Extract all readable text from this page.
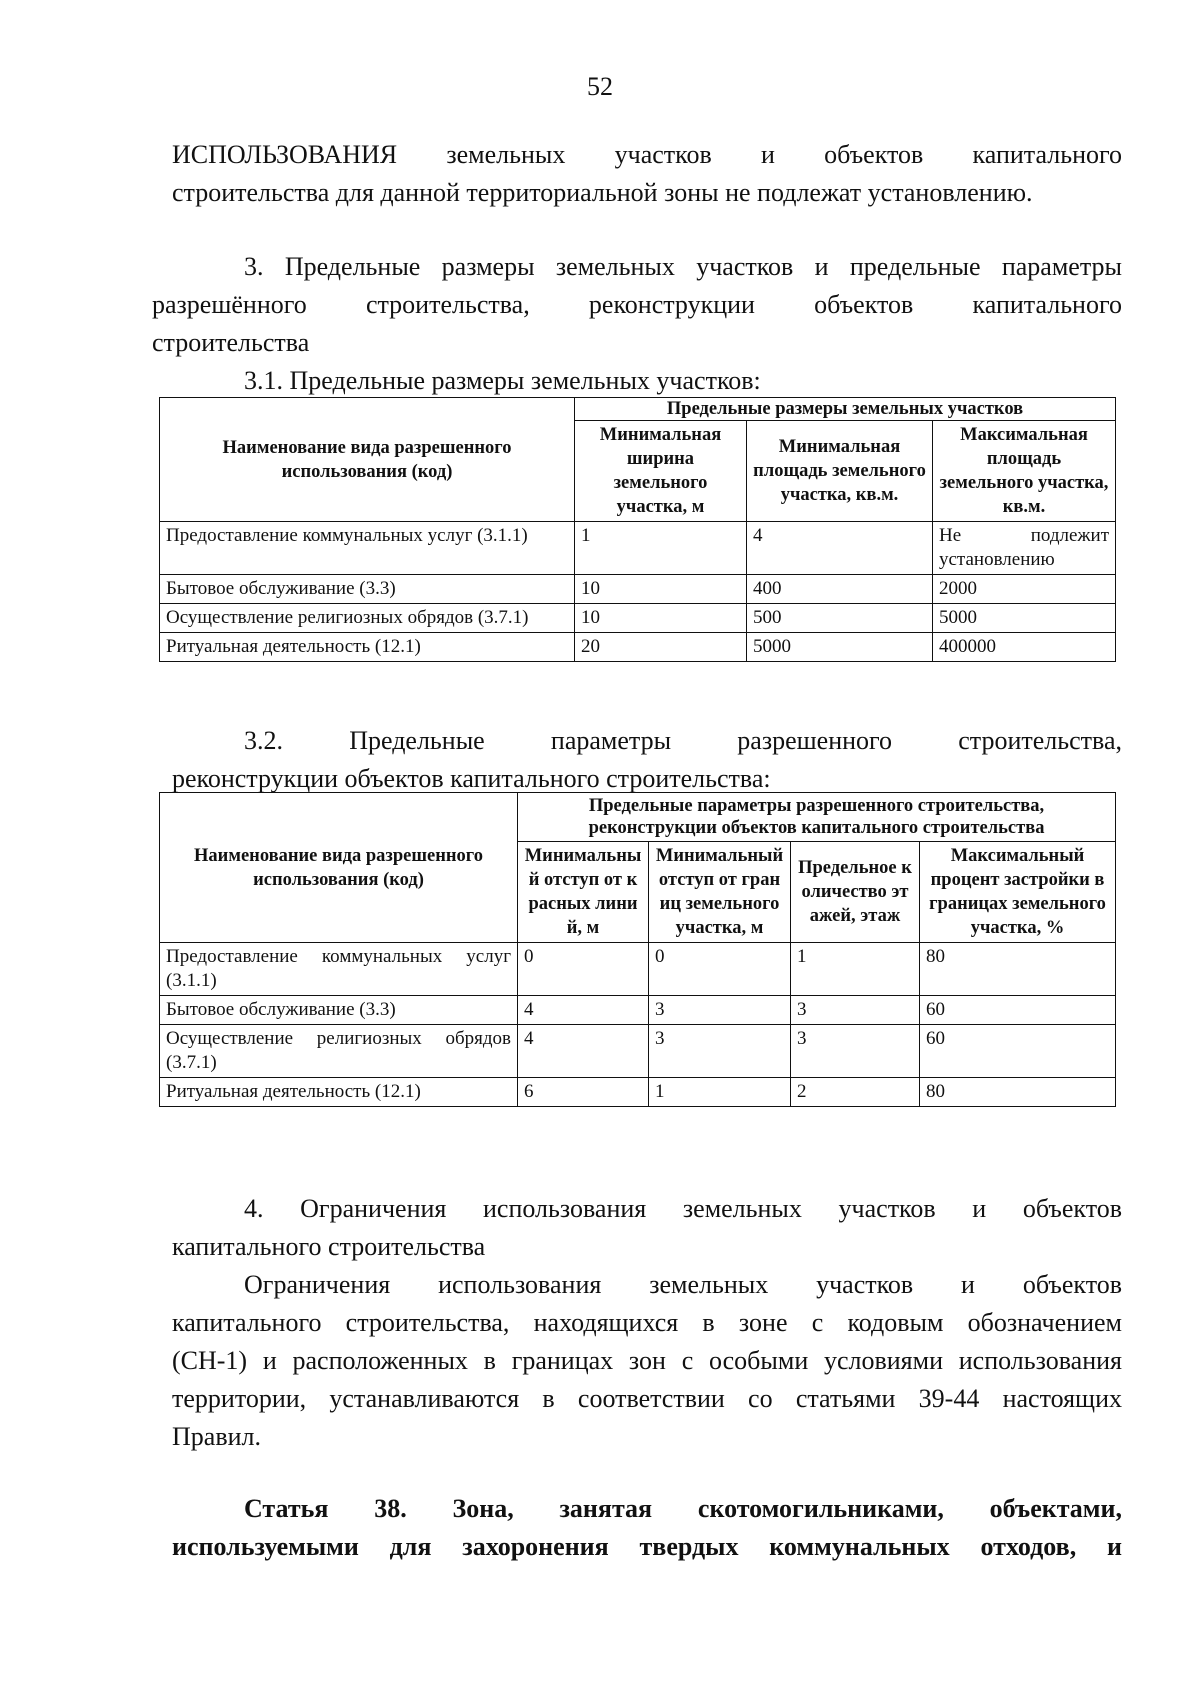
52
ИСПОЛЬЗОВАНИЯ земельных участков и объектов капитального
строительства для данной территориальной зоны не подлежат установлению.
3. Предельные размеры земельных участков и предельные параметры
разрешённого строительства, реконструкции объектов капитального
строительства
3.1. Предельные размеры земельных участков:
Наименование вида разрешенного использования (код)	Предельные размеры земельных участков		
	Минимальная ширина земельного участка, м	Минимальная площадь земельного участка, кв.м.	Максимальная площадь земельного участка, кв.м.
Предоставление коммунальных услуг (3.1.1)	1	4	Не подлежит установлению
Бытовое обслуживание (3.3)	10	400	2000
Осуществление религиозных обрядов (3.7.1)	10	500	5000
Ритуальная деятельность (12.1)	20	5000	400000
3.2. Предельные параметры разрешенного строительства,
реконструкции объектов капитального строительства:
Наименование вида разрешенного использования (код)	Предельные параметры разрешенного строительства, реконструкции объектов капитального строительства			
	Минимальный отступ от красных линий, м	Минимальный отступ от границ земельного участка, м	Предельное количество этажей, этаж	Максимальный процент застройки в границах земельного участка, %
Предоставление коммунальных услуг (3.1.1)	0	0	1	80
Бытовое обслуживание (3.3)	4	3	3	60
Осуществление религиозных обрядов (3.7.1)	4	3	3	60
Ритуальная деятельность (12.1)	6	1	2	80
4. Ограничения использования земельных участков и объектов
капитального строительства
Ограничения использования земельных участков и объектов
капитального строительства, находящихся в зоне с кодовым обозначением
(СН-1) и расположенных в границах зон с особыми условиями использования
территории, устанавливаются в соответствии со статьями 39-44 настоящих
Правил.
Статья 38. Зона, занятая скотомогильниками, объектами,
используемыми для захоронения твердых коммунальных отходов, и
